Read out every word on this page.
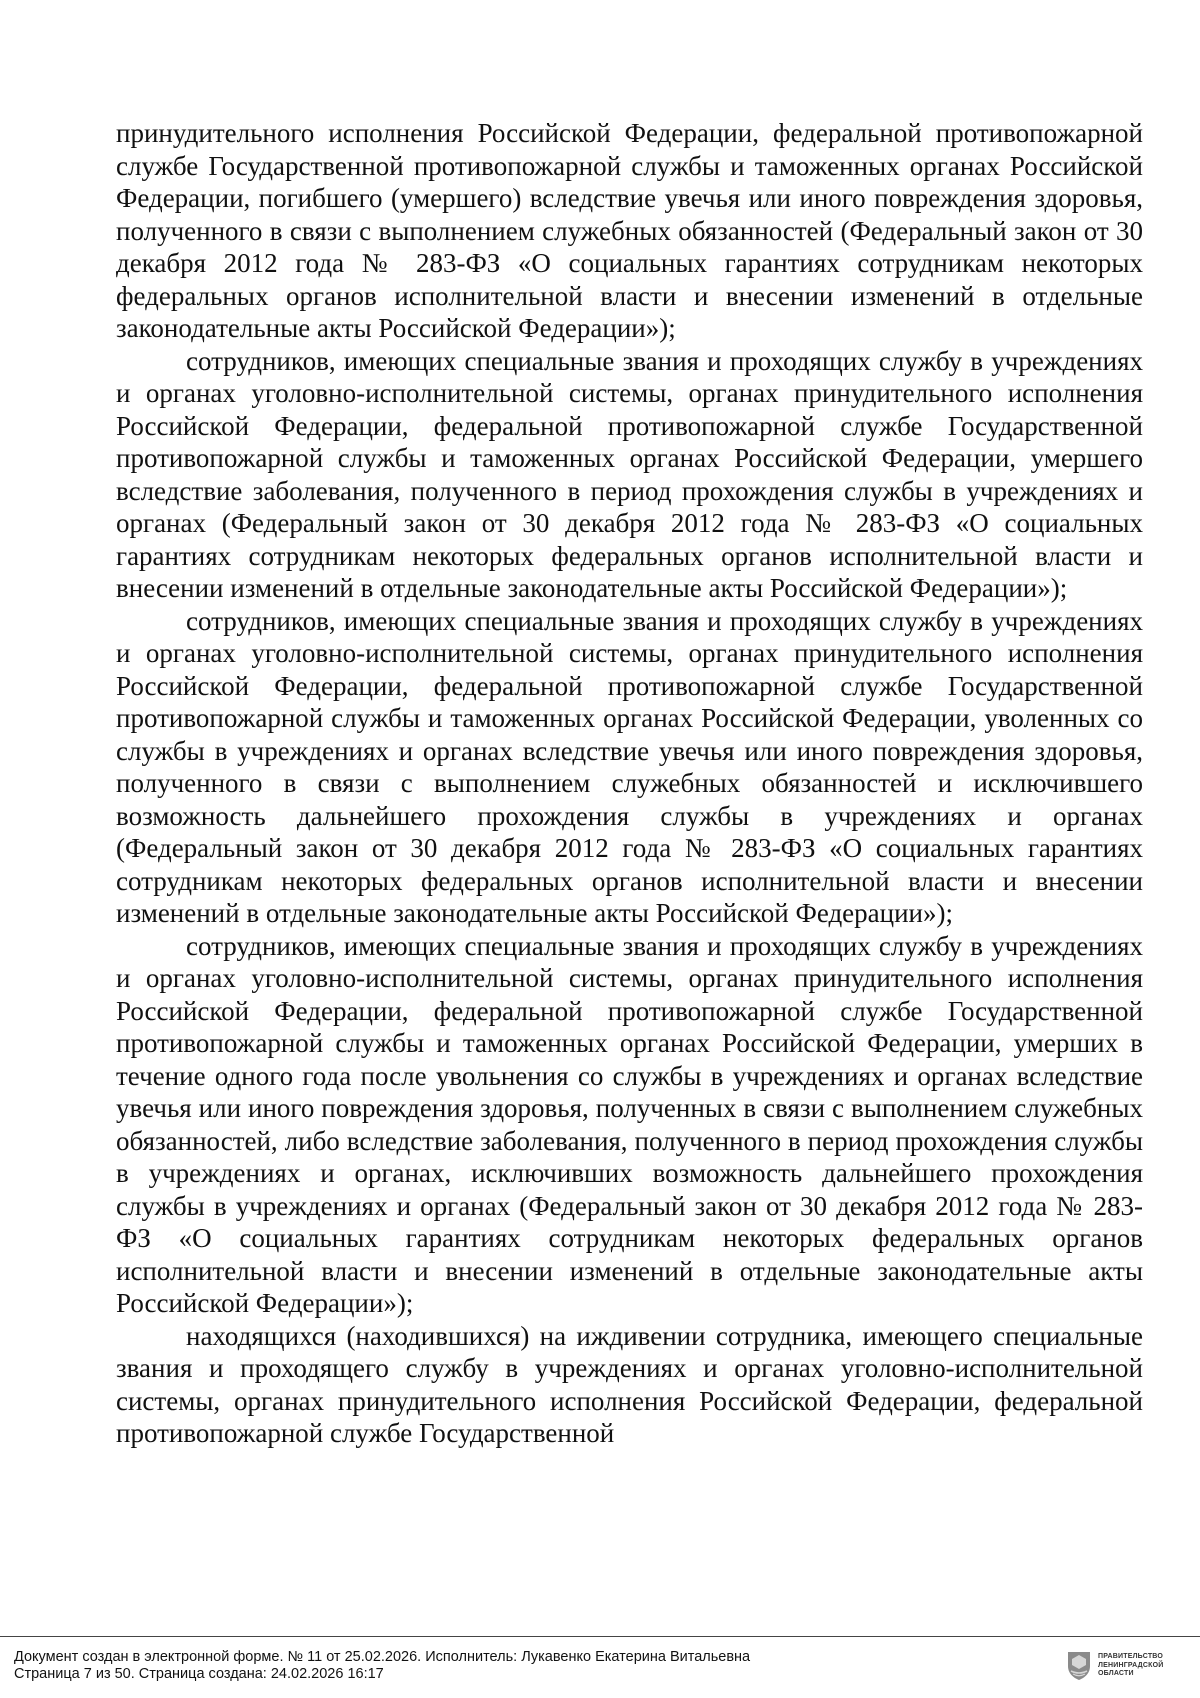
принудительного исполнения Российской Федерации, федеральной противопожарной службе Государственной противопожарной службы и таможенных органах Российской Федерации, погибшего (умершего) вследствие увечья или иного повреждения здоровья, полученного в связи с выполнением служебных обязанностей (Федеральный закон от 30 декабря 2012 года № 283-ФЗ «О социальных гарантиях сотрудникам некоторых федеральных органов исполнительной власти и внесении изменений в отдельные законодательные акты Российской Федерации»);

сотрудников, имеющих специальные звания и проходящих службу в учреждениях и органах уголовно-исполнительной системы, органах принудительного исполнения Российской Федерации, федеральной противопожарной службе Государственной противопожарной службы и таможенных органах Российской Федерации, умершего вследствие заболевания, полученного в период прохождения службы в учреждениях и органах (Федеральный закон от 30 декабря 2012 года № 283-ФЗ «О социальных гарантиях сотрудникам некоторых федеральных органов исполнительной власти и внесении изменений в отдельные законодательные акты Российской Федерации»);

сотрудников, имеющих специальные звания и проходящих службу в учреждениях и органах уголовно-исполнительной системы, органах принудительного исполнения Российской Федерации, федеральной противопожарной службе Государственной противопожарной службы и таможенных органах Российской Федерации, уволенных со службы в учреждениях и органах вследствие увечья или иного повреждения здоровья, полученного в связи с выполнением служебных обязанностей и исключившего возможность дальнейшего прохождения службы в учреждениях и органах (Федеральный закон от 30 декабря 2012 года № 283-ФЗ «О социальных гарантиях сотрудникам некоторых федеральных органов исполнительной власти и внесении изменений в отдельные законодательные акты Российской Федерации»);

сотрудников, имеющих специальные звания и проходящих службу в учреждениях и органах уголовно-исполнительной системы, органах принудительного исполнения Российской Федерации, федеральной противопожарной службе Государственной противопожарной службы и таможенных органах Российской Федерации, умерших в течение одного года после увольнения со службы в учреждениях и органах вследствие увечья или иного повреждения здоровья, полученных в связи с выполнением служебных обязанностей, либо вследствие заболевания, полученного в период прохождения службы в учреждениях и органах, исключивших возможность дальнейшего прохождения службы в учреждениях и органах (Федеральный закон от 30 декабря 2012 года № 283-ФЗ «О социальных гарантиях сотрудникам некоторых федеральных органов исполнительной власти и внесении изменений в отдельные законодательные акты Российской Федерации»);

находящихся (находившихся) на иждивении сотрудника, имеющего специальные звания и проходящего службу в учреждениях и органах уголовно-исполнительной системы, органах принудительного исполнения Российской Федерации, федеральной противопожарной службе Государственной

Документ создан в электронной форме. № 11 от 25.02.2026. Исполнитель: Лукавенко Екатерина Витальевна
Страница 7 из 50. Страница создана: 24.02.2026 16:17
ПРАВИТЕЛЬСТВО
ЛЕНИНГРАДСКОЙ
ОБЛАСТИ
